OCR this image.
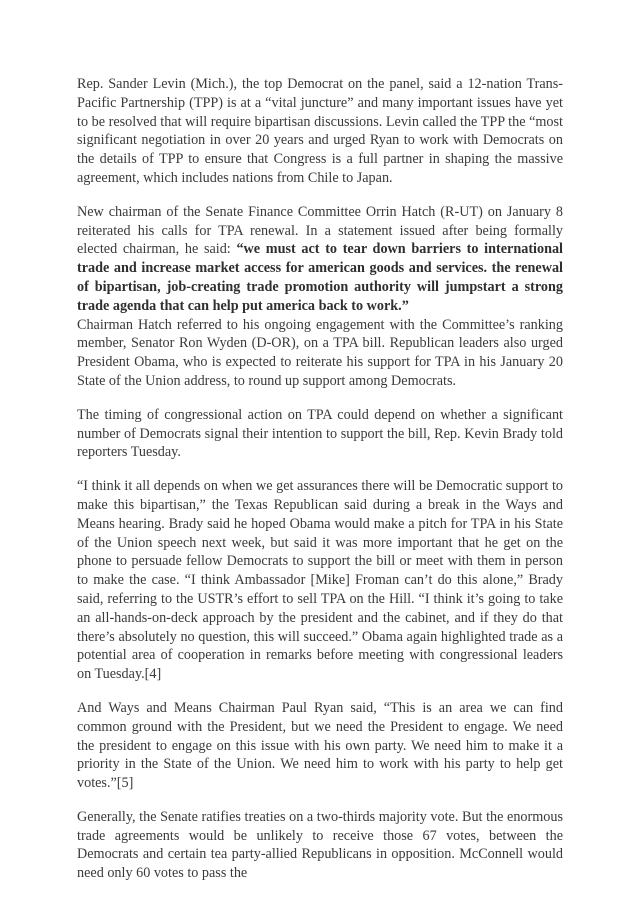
Rep. Sander Levin (Mich.), the top Democrat on the panel, said a 12-nation Trans-Pacific Partnership (TPP) is at a “vital juncture” and many important issues have yet to be resolved that will require bipartisan discussions. Levin called the TPP the “most significant negotiation in over 20 years and urged Ryan to work with Democrats on the details of TPP to ensure that Congress is a full partner in shaping the massive agreement, which includes nations from Chile to Japan.

New chairman of the Senate Finance Committee Orrin Hatch (R-UT) on January 8 reiterated his calls for TPA renewal. In a statement issued after being formally elected chairman, he said: “we must act to tear down barriers to international trade and increase market access for american goods and services. the renewal of bipartisan, job-creating trade promotion authority will jumpstart a strong trade agenda that can help put america back to work.”

Chairman Hatch referred to his ongoing engagement with the Committee’s ranking member, Senator Ron Wyden (D-OR), on a TPA bill. Republican leaders also urged President Obama, who is expected to reiterate his support for TPA in his January 20 State of the Union address, to round up support among Democrats.

The timing of congressional action on TPA could depend on whether a significant number of Democrats signal their intention to support the bill, Rep. Kevin Brady told reporters Tuesday.

“I think it all depends on when we get assurances there will be Democratic support to make this bipartisan,” the Texas Republican said during a break in the Ways and Means hearing. Brady said he hoped Obama would make a pitch for TPA in his State of the Union speech next week, but said it was more important that he get on the phone to persuade fellow Democrats to support the bill or meet with them in person to make the case. “I think Ambassador [Mike] Froman can’t do this alone,” Brady said, referring to the USTR’s effort to sell TPA on the Hill. “I think it’s going to take an all-hands-on-deck approach by the president and the cabinet, and if they do that there’s absolutely no question, this will succeed.” Obama again highlighted trade as a potential area of cooperation in remarks before meeting with congressional leaders on Tuesday.[4]

And Ways and Means Chairman Paul Ryan said, “This is an area we can find common ground with the President, but we need the President to engage. We need the president to engage on this issue with his own party. We need him to make it a priority in the State of the Union. We need him to work with his party to help get votes.”[5]

Generally, the Senate ratifies treaties on a two-thirds majority vote. But the enormous trade agreements would be unlikely to receive those 67 votes, between the Democrats and certain tea party-allied Republicans in opposition. McConnell would need only 60 votes to pass the
